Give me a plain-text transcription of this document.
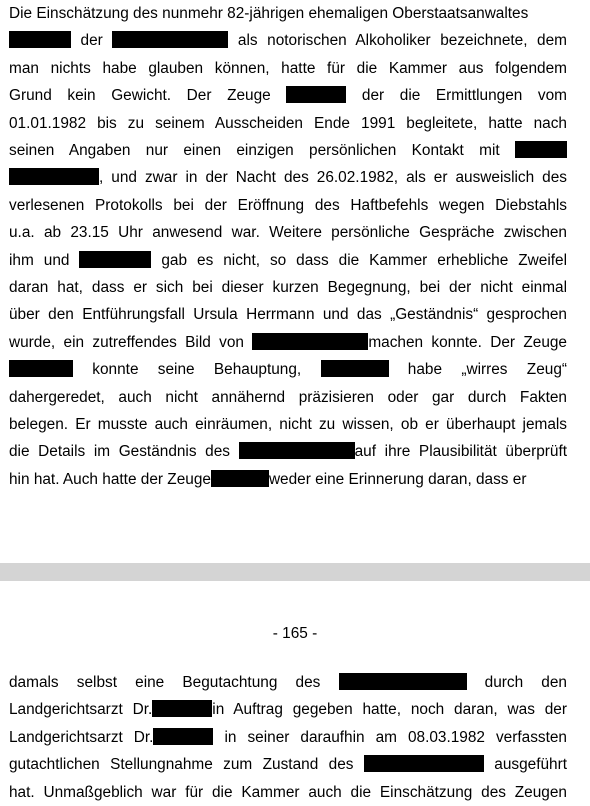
Die Einschätzung des nunmehr 82-jährigen ehemaligen Oberstaatsanwaltes
der	als notorischen Alkoholiker bezeichnete, dem
man nichts habe glauben können, hatte für die Kammer aus folgendem
Grund kein Gewicht. Der Zeuge	der die Ermittlungen vom
01.01.1982 bis zu seinem Ausscheiden Ende 1991 begleitete, hatte nach
seinen Angaben nur einen einzigen persönlichen Kontakt mit
, und zwar in der Nacht des 26.02.1982, als er ausweislich des
verlesenen Protokolls bei der Eröffnung des Haftbefehls wegen Diebstahls
u.a. ab 23.15 Uhr anwesend war. Weitere persönliche Gespräche zwischen
ihm und	gab es nicht, so dass die Kammer erhebliche Zweifel
daran hat, dass er sich bei dieser kurzen Begegnung, bei der nicht einmal
über den Entführungsfall Ursula Herrmann und das „Geständnis“ gesprochen
wurde, ein zutreffendes Bild von	machen konnte. Der Zeuge
konnte seine Behauptung,	habe „wirres Zeug“
dahergeredet, auch nicht annähernd präzisieren oder gar durch Fakten
belegen. Er musste auch einräumen, nicht zu wissen, ob er überhaupt jemals
die Details im Geständnis des	auf ihre Plausibilität überprüft
hin hat. Auch hatte der Zeuge	weder eine Erinnerung daran, dass er
- 165 -
damals selbst eine Begutachtung des	durch den
Landgerichtsarzt Dr.	in Auftrag gegeben hatte, noch daran, was der
Landgerichtsarzt Dr.	in seiner daraufhin am 08.03.1982 verfassten
gutachtlichen Stellungnahme zum Zustand des	ausgeführt
hat. Unmaßgeblich war für die Kammer auch die Einschätzung des Zeugen
